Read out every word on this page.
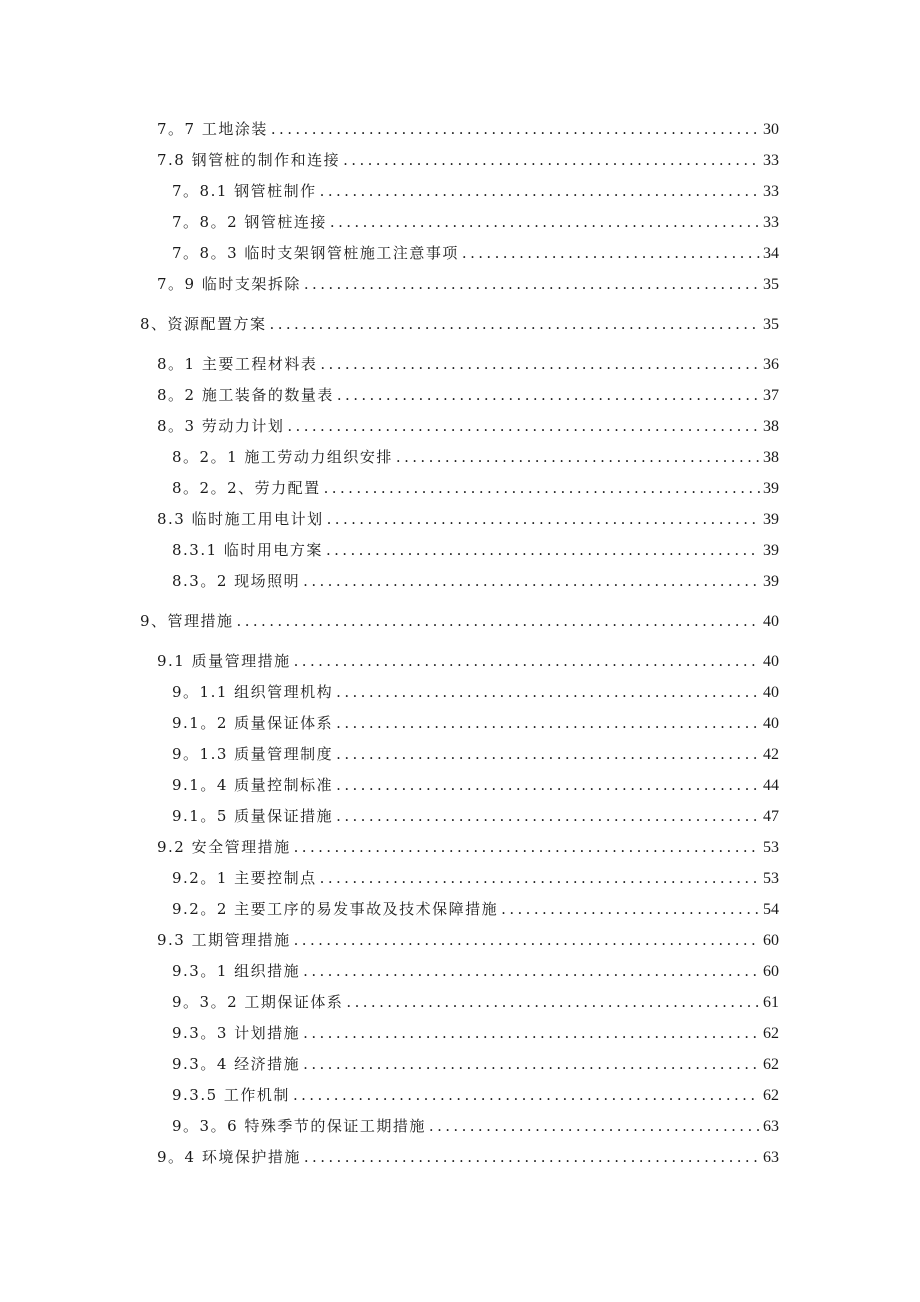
7。7 工地涂装 .....	30
7.8 钢管桩的制作和连接 .....	33
7。8.1 钢管桩制作 .....	33
7。8。2 钢管桩连接 .....	33
7。8。3 临时支架钢管桩施工注意事项 .....	34
7。9 临时支架拆除 .....	35
8、资源配置方案 .....	35
8。1 主要工程材料表 .....	36
8。2 施工装备的数量表 .....	37
8。3 劳动力计划 .....	38
8。2。1 施工劳动力组织安排 .....	38
8。2。2、劳力配置 .....	39
8.3 临时施工用电计划 .....	39
8.3.1 临时用电方案 .....	39
8.3。2 现场照明 .....	39
9、管理措施 .....	40
9.1 质量管理措施 .....	40
9。1.1 组织管理机构 .....	40
9.1。2 质量保证体系 .....	40
9。1.3 质量管理制度 .....	42
9.1。4 质量控制标准 .....	44
9.1。5 质量保证措施 .....	47
9.2 安全管理措施 .....	53
9.2。1 主要控制点 .....	53
9.2。2 主要工序的易发事故及技术保障措施 .....	54
9.3 工期管理措施 .....	60
9.3。1 组织措施 .....	60
9。3。2 工期保证体系 .....	61
9.3。3 计划措施 .....	62
9.3。4 经济措施 .....	62
9.3.5 工作机制 .....	62
9。3。6 特殊季节的保证工期措施 .....	63
9。4 环境保护措施 .....	63
